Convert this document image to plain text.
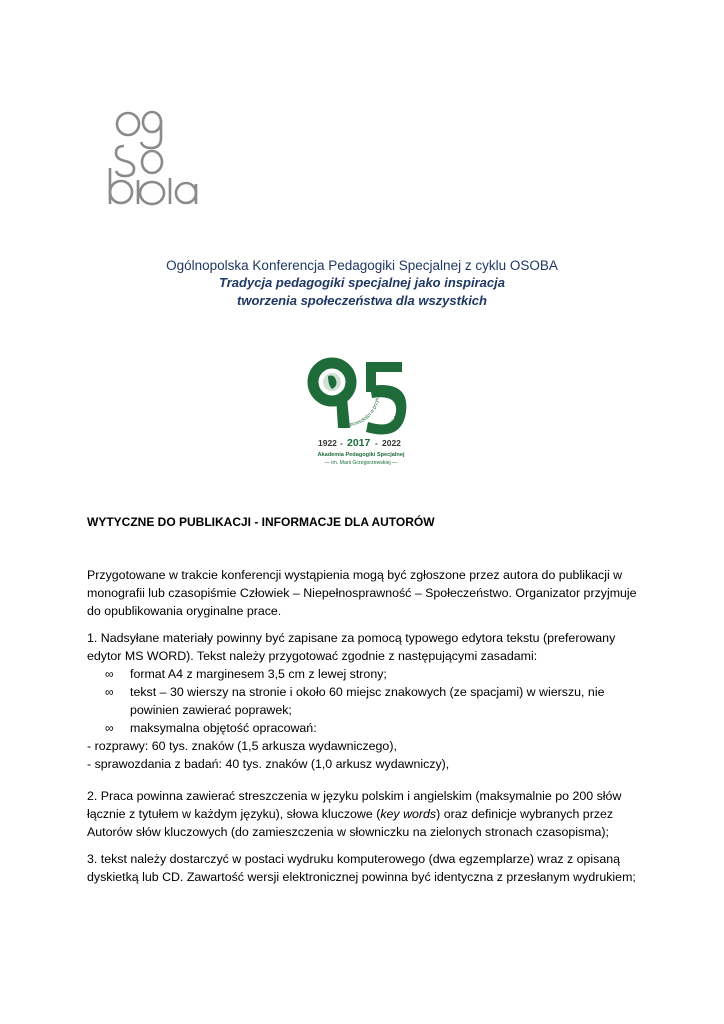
Ogólnopolska Konferencja Pedagogiki Specjalnej z cyklu OSOBA
Tradycja pedagogiki specjalnej jako inspiracja
tworzenia społeczeństwa dla wszystkich
z przeszłości w przyszłość
aps.edu.pl
1922 - 2017 - 2022
Akademia Pedagogiki Specjalnej
— im. Marii Grzegorzewskiej —
WYTYCZNE DO PUBLIKACJI - INFORMACJE DLA AUTORÓW

Przygotowane w trakcie konferencji wystąpienia mogą być zgłoszone przez autora do publikacji w

monografii lub czasopiśmie Człowiek – Niepełnosprawność – Społeczeństwo. Organizator przyjmuje

do opublikowania oryginalne prace.

1. Nadsyłane materiały powinny być zapisane za pomocą typowego edytora tekstu (preferowany

edytor MS WORD). Tekst należy przygotować zgodnie z następującymi zasadami:

∞ format A4 z marginesem 3,5 cm z lewej strony;
∞ tekst – 30 wierszy na stronie i około 60 miejsc znakowych (ze spacjami) w wierszu, nie
powinien zawierać poprawek;
∞ maksymalna objętość opracowań:

- rozprawy: 60 tys. znaków (1,5 arkusza wydawniczego),

- sprawozdania z badań: 40 tys. znaków (1,0 arkusz wydawniczy),

2. Praca powinna zawierać streszczenia w języku polskim i angielskim (maksymalnie po 200 słów

łącznie z tytułem w każdym języku), słowa kluczowe (key words) oraz definicje wybranych przez

Autorów słów kluczowych (do zamieszczenia w słowniczku na zielonych stronach czasopisma);

3. tekst należy dostarczyć w postaci wydruku komputerowego (dwa egzemplarze) wraz z opisaną

dyskietką lub CD. Zawartość wersji elektronicznej powinna być identyczna z przesłanym wydrukiem;
